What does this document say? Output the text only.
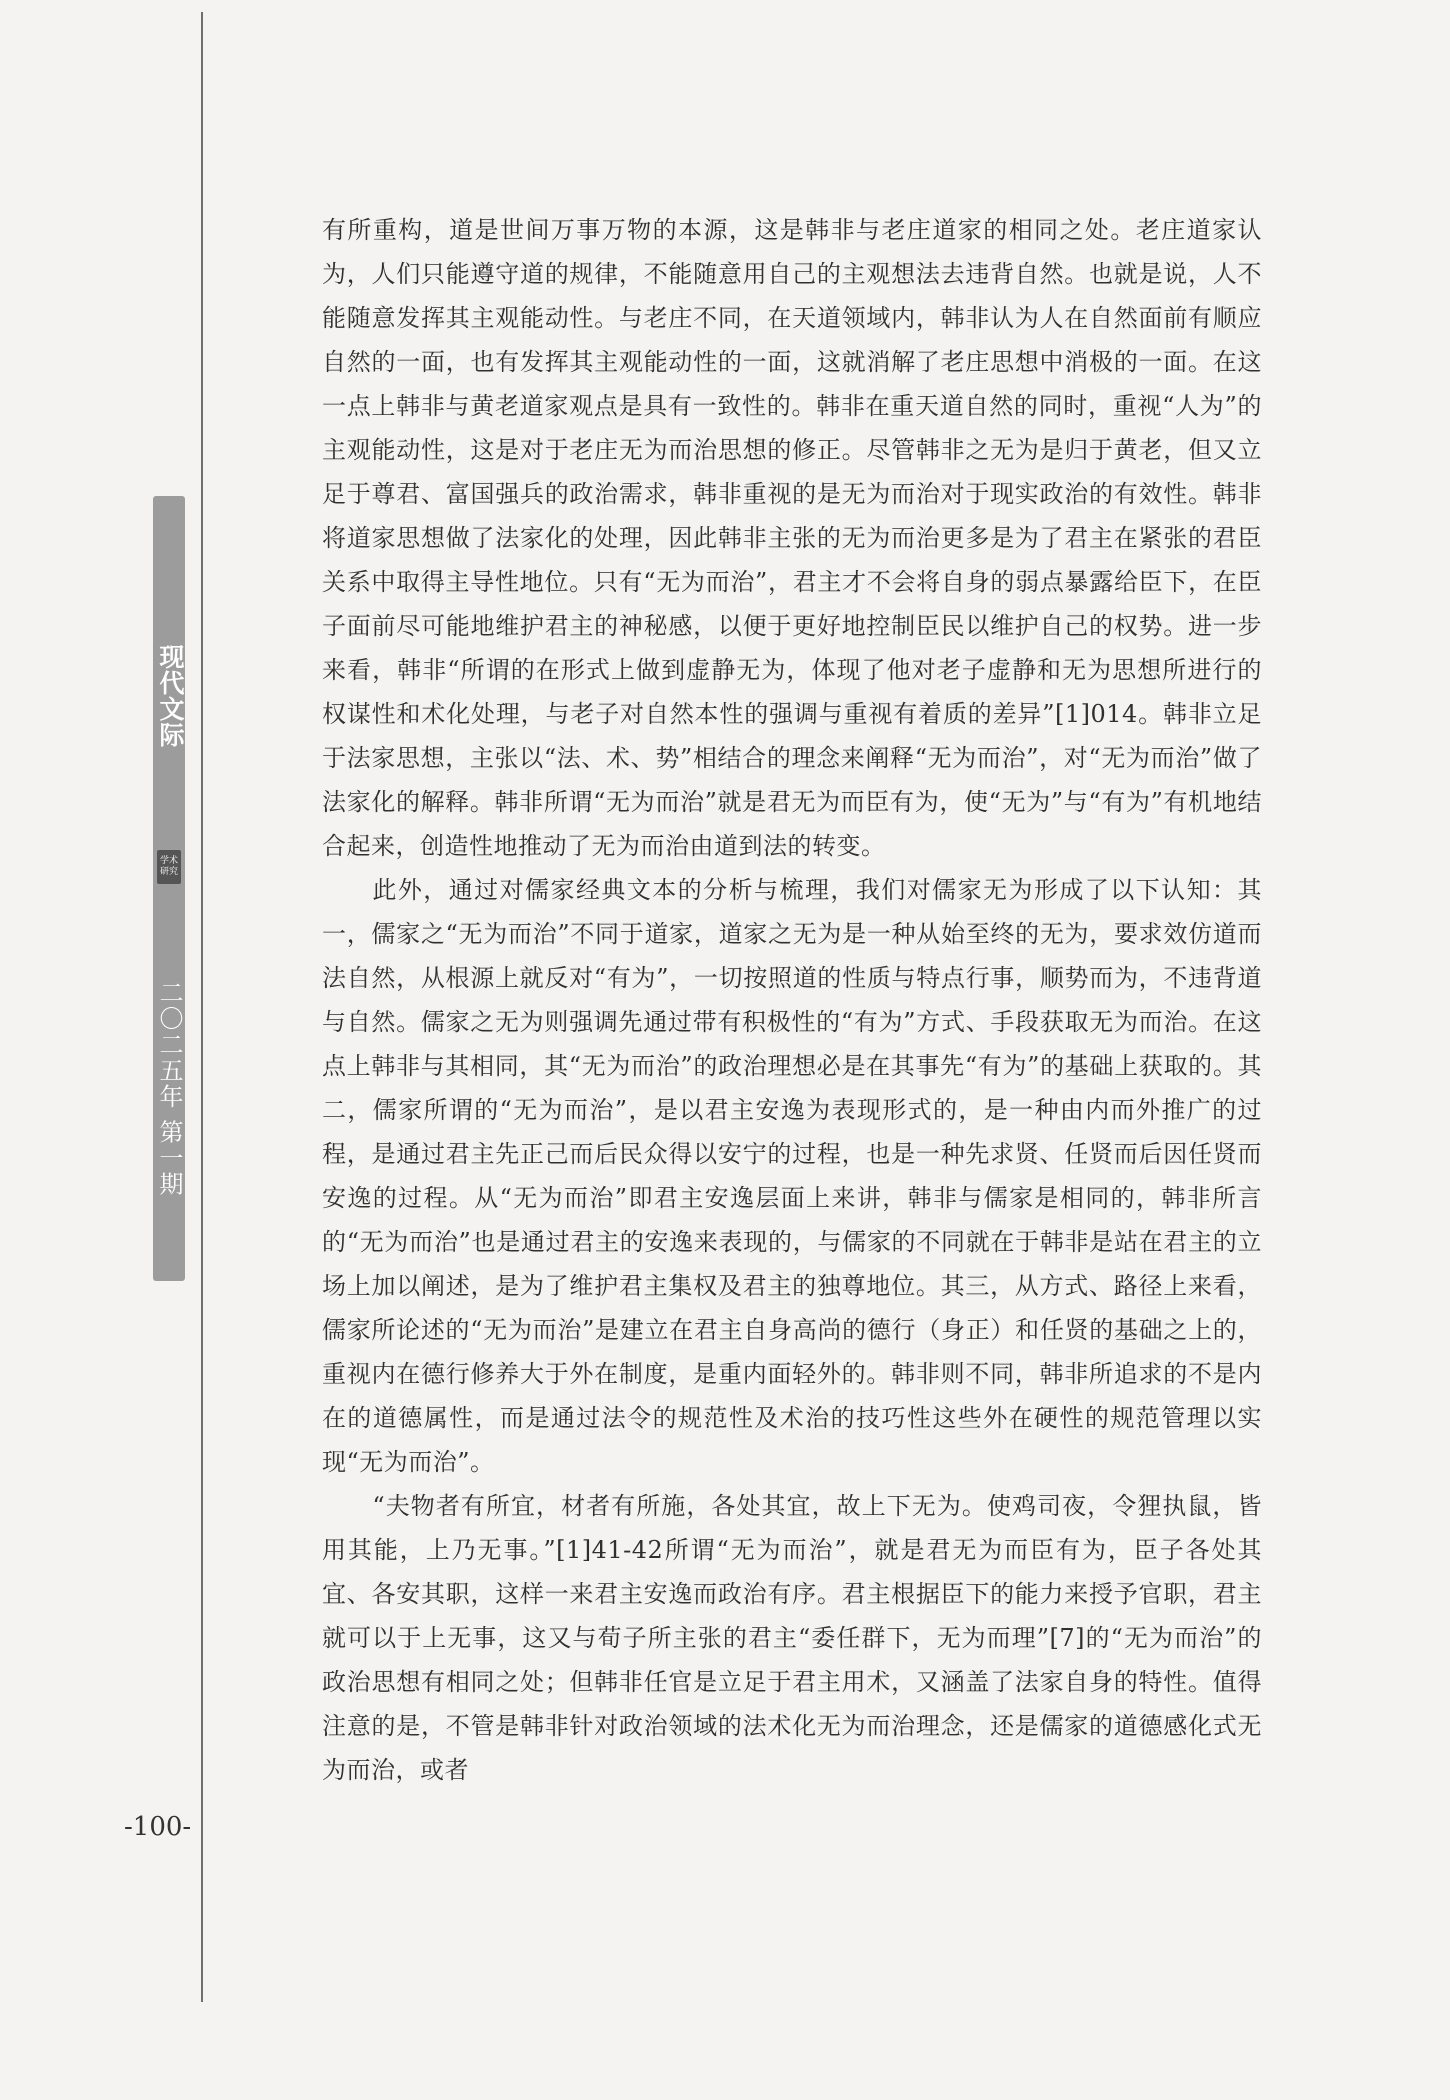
现代文际
学术研究
二〇二五年 第一期

有所重构，道是世间万事万物的本源，这是韩非与老庄道家的相同之处。老庄道家认为，人们只能遵守道的规律，不能随意用自己的主观想法去违背自然。也就是说，人不能随意发挥其主观能动性。与老庄不同，在天道领域内，韩非认为人在自然面前有顺应自然的一面，也有发挥其主观能动性的一面，这就消解了老庄思想中消极的一面。在这一点上韩非与黄老道家观点是具有一致性的。韩非在重天道自然的同时，重视“人为”的主观能动性，这是对于老庄无为而治思想的修正。尽管韩非之无为是归于黄老，但又立足于尊君、富国强兵的政治需求，韩非重视的是无为而治对于现实政治的有效性。韩非将道家思想做了法家化的处理，因此韩非主张的无为而治更多是为了君主在紧张的君臣关系中取得主导性地位。只有“无为而治”，君主才不会将自身的弱点暴露给臣下，在臣子面前尽可能地维护君主的神秘感，以便于更好地控制臣民以维护自己的权势。进一步来看，韩非“所谓的在形式上做到虚静无为，体现了他对老子虚静和无为思想所进行的权谋性和术化处理，与老子对自然本性的强调与重视有着质的差异”[1]014。韩非立足于法家思想，主张以“法、术、势”相结合的理念来阐释“无为而治”，对“无为而治”做了法家化的解释。韩非所谓“无为而治”就是君无为而臣有为，使“无为”与“有为”有机地结合起来，创造性地推动了无为而治由道到法的转变。

此外，通过对儒家经典文本的分析与梳理，我们对儒家无为形成了以下认知：其一，儒家之“无为而治”不同于道家，道家之无为是一种从始至终的无为，要求效仿道而法自然，从根源上就反对“有为”，一切按照道的性质与特点行事，顺势而为，不违背道与自然。儒家之无为则强调先通过带有积极性的“有为”方式、手段获取无为而治。在这点上韩非与其相同，其“无为而治”的政治理想必是在其事先“有为”的基础上获取的。其二，儒家所谓的“无为而治”，是以君主安逸为表现形式的，是一种由内而外推广的过程，是通过君主先正己而后民众得以安宁的过程，也是一种先求贤、任贤而后因任贤而安逸的过程。从“无为而治”即君主安逸层面上来讲，韩非与儒家是相同的，韩非所言的“无为而治”也是通过君主的安逸来表现的，与儒家的不同就在于韩非是站在君主的立场上加以阐述，是为了维护君主集权及君主的独尊地位。其三，从方式、路径上来看，儒家所论述的“无为而治”是建立在君主自身高尚的德行（身正）和任贤的基础之上的，重视内在德行修养大于外在制度，是重内面轻外的。韩非则不同，韩非所追求的不是内在的道德属性，而是通过法令的规范性及术治的技巧性这些外在硬性的规范管理以实现“无为而治”。

“夫物者有所宜，材者有所施，各处其宜，故上下无为。使鸡司夜，令狸执鼠，皆用其能，上乃无事。”[1]41-42所谓“无为而治”，就是君无为而臣有为，臣子各处其宜、各安其职，这样一来君主安逸而政治有序。君主根据臣下的能力来授予官职，君主就可以于上无事，这又与荀子所主张的君主“委任群下，无为而理”[7]的“无为而治”的政治思想有相同之处；但韩非任官是立足于君主用术，又涵盖了法家自身的特性。值得注意的是，不管是韩非针对政治领域的法术化无为而治理念，还是儒家的道德感化式无为而治，或者

-100-
